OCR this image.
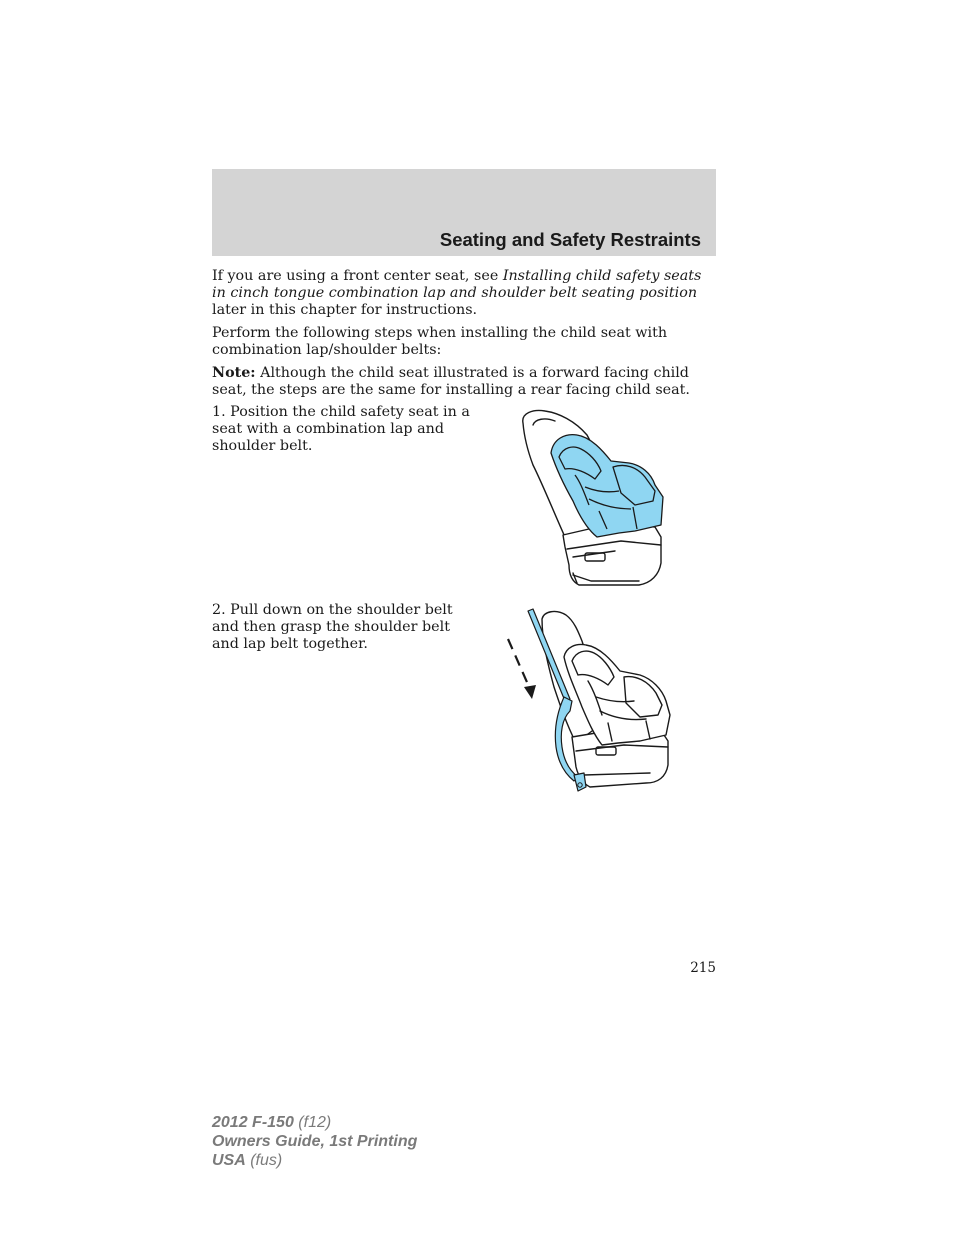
Seating and Safety Restraints

If you are using a front center seat, see Installing child safety seats in cinch tongue combination lap and shoulder belt seating position later in this chapter for instructions.

Perform the following steps when installing the child seat with combination lap/shoulder belts:

Note: Although the child seat illustrated is a forward facing child seat, the steps are the same for installing a rear facing child seat.

1. Position the child safety seat in a seat with a combination lap and shoulder belt.

2. Pull down on the shoulder belt and then grasp the shoulder belt and lap belt together.

215
2012 F-150 (f12)
Owners Guide, 1st Printing
USA (fus)
